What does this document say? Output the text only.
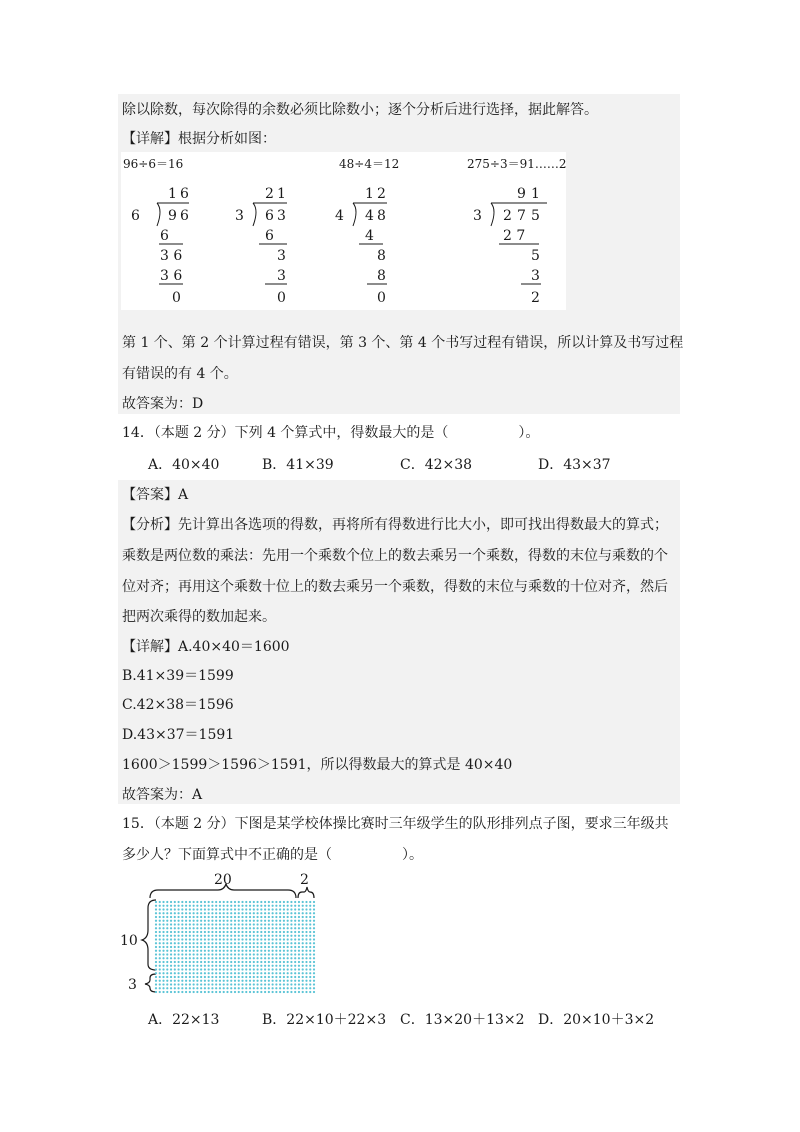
除以除数，每次除得的余数必须比除数小；逐个分析后进行选择，据此解答。
【详解】根据分析如图：
96÷6＝16	48÷4＝12	275÷3＝91……2
1 6
6 9 6
6
3 6
3 6
0
2 1
3 6 3
6
3
3
0
1 2
4 4 8
4
8
8
0
9 1
3 2 7 5
2 7
5
3
2
第 1 个、第 2 个计算过程有错误，第 3 个、第 4 个书写过程有错误，所以计算及书写过程
有错误的有 4 个。
故答案为：D
14．（本题 2 分）下列 4 个算式中，得数最大的是（　　　　　）。
A．40×40	B．41×39	C．42×38	D．43×37
【答案】A
【分析】先计算出各选项的得数，再将所有得数进行比大小，即可找出得数最大的算式；
乘数是两位数的乘法：先用一个乘数个位上的数去乘另一个乘数，得数的末位与乘数的个
位对齐；再用这个乘数十位上的数去乘另一个乘数，得数的末位与乘数的十位对齐，然后
把两次乘得的数加起来。
【详解】A.40×40＝1600
B.41×39＝1599
C.42×38＝1596
D.43×37＝1591
1600＞1599＞1596＞1591，所以得数最大的算式是 40×40
故答案为：A
15．（本题 2 分）下图是某学校体操比赛时三年级学生的队形排列点子图，要求三年级共
多少人？下面算式中不正确的是（　　　　　）。
20	2
10
3
A．22×13	B．22×10＋22×3 C．13×20＋13×2 D．20×10＋3×2
